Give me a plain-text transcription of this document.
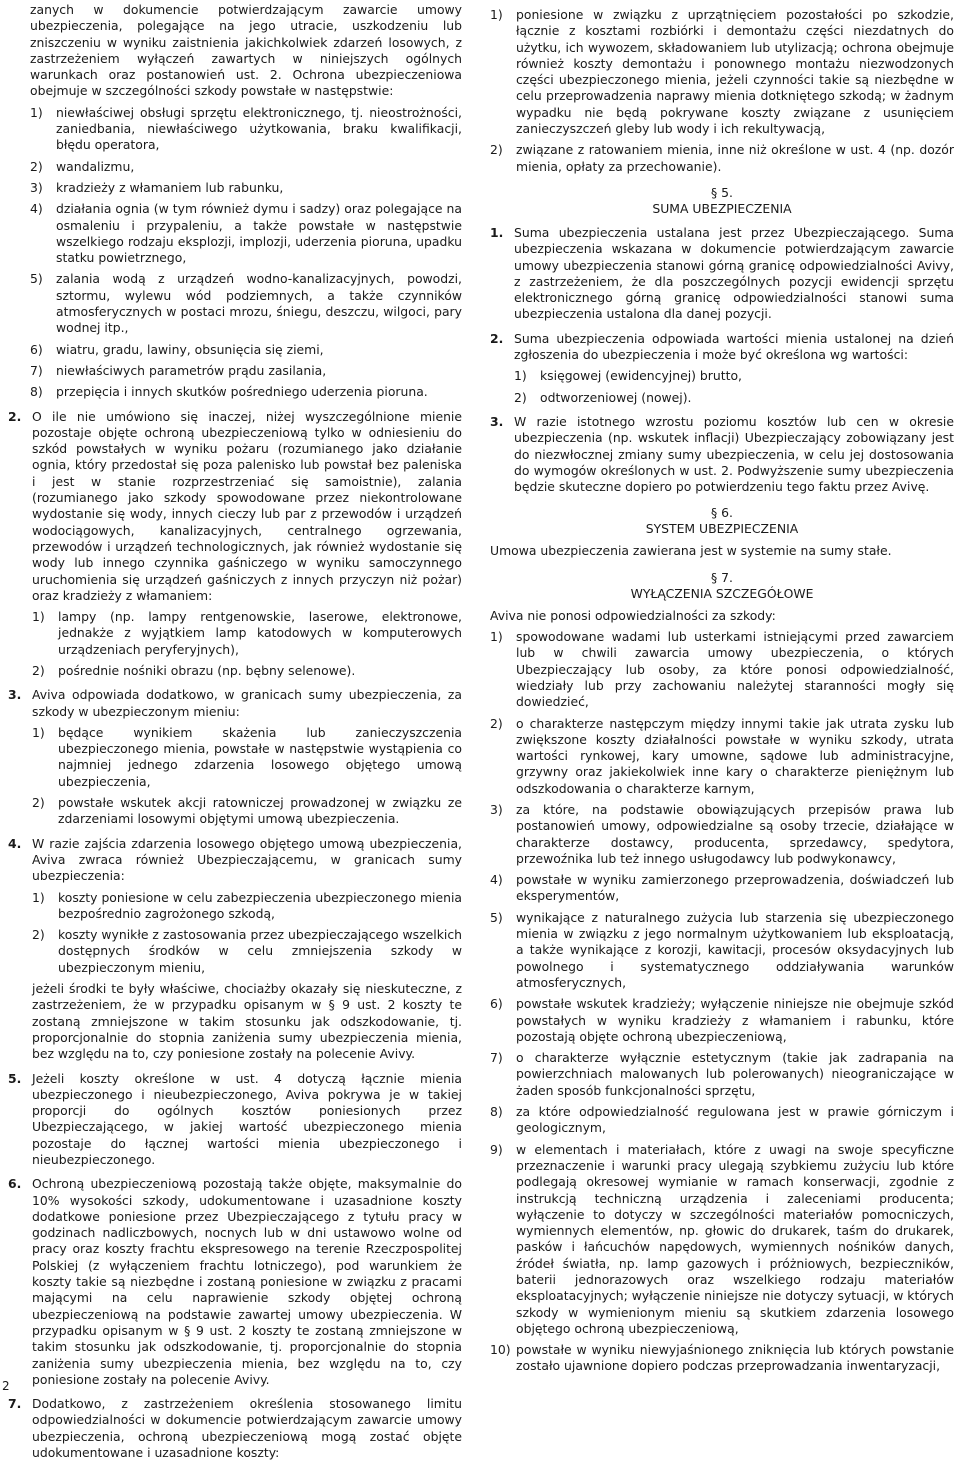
zanych w dokumencie potwierdzającym zawarcie umowy ubezpieczenia, polegające na jego utracie, uszkodzeniu lub zniszczeniu w wyniku zaistnienia jakichkolwiek zdarzeń losowych, z zastrzeżeniem wyłączeń zawartych w niniejszych ogólnych warunkach oraz postanowień ust. 2. Ochrona ubezpieczeniowa obejmuje w szczególności szkody powstałe w następstwie:

1)	niewłaściwej obsługi sprzętu elektronicznego, tj. nieostrożności, zaniedbania, niewłaściwego użytkowania, braku kwalifikacji, błędu operatora,
2)	wandalizmu,
3)	kradzieży z włamaniem lub rabunku,
4)	działania ognia (w tym również dymu i sadzy) oraz polegające na osmaleniu i przypaleniu, a także powstałe w następstwie wszelkiego rodzaju eksplozji, implozji, uderzenia pioruna, upadku statku powietrznego,
5)	zalania wodą z urządzeń wodno-kanalizacyjnych, powodzi, sztormu, wylewu wód podziemnych, a także czynników atmosferycznych w postaci mrozu, śniegu, deszczu, wilgoci, pary wodnej itp.,
6)	wiatru, gradu, lawiny, obsunięcia się ziemi,
7)	niewłaściwych parametrów prądu zasilania,
8)	przepięcia i innych skutków pośredniego uderzenia pioruna.
2. O ile nie umówiono się inaczej, niżej wyszczególnione mienie pozostaje objęte ochroną ubezpieczeniową tylko w odniesieniu do szkód powstałych w wyniku pożaru (rozumianego jako działanie ognia, który przedostał się poza palenisko lub powstał bez paleniska i jest w stanie rozprzestrzeniać się samoistnie), zalania (rozumianego jako szkody spowodowane przez niekontrolowane wydostanie się wody, innych cieczy lub par z przewodów i urządzeń wodociągowych, kanalizacyjnych, centralnego ogrzewania, przewodów i urządzeń technologicznych, jak również wydostanie się wody lub innego czynnika gaśniczego w wyniku samoczynnego uruchomienia się urządzeń gaśniczych z innych przyczyn niż pożar) oraz kradzieży z włamaniem:

1)	lampy (np. lampy rentgenowskie, laserowe, elektronowe, jednakże z wyjątkiem lamp katodowych w komputerowych urządzeniach peryferyjnych),
2)	pośrednie nośniki obrazu (np. bębny selenowe).
3. Aviva odpowiada dodatkowo, w granicach sumy ubezpieczenia, za szkody w ubezpieczonym mieniu:

1)	będące wynikiem skażenia lub zanieczyszczenia ubezpieczonego mienia, powstałe w następstwie wystąpienia co najmniej jednego zdarzenia losowego objętego umową ubezpieczenia,
2)	powstałe wskutek akcji ratowniczej prowadzonej w związku ze zdarzeniami losowymi objętymi umową ubezpieczenia.
4. W razie zajścia zdarzenia losowego objętego umową ubezpieczenia, Aviva zwraca również Ubezpieczającemu, w granicach sumy ubezpieczenia:

1)	koszty poniesione w celu zabezpieczenia ubezpieczonego mienia bezpośrednio zagrożonego szkodą,
2)	koszty wynikłe z zastosowania przez ubezpieczającego wszelkich dostępnych środków w celu zmniejszenia szkody w ubezpieczonym mieniu,

jeżeli środki te były właściwe, chociażby okazały się nieskuteczne, z zastrzeżeniem, że w przypadku opisanym w § 9 ust. 2 koszty te zostaną zmniejszone w takim stosunku jak odszkodowanie, tj. proporcjonalnie do stopnia zaniżenia sumy ubezpieczenia mienia, bez względu na to, czy poniesione zostały na polecenie Avivy.

5. Jeżeli koszty określone w ust. 4 dotyczą łącznie mienia ubezpieczonego i nieubezpieczonego, Aviva pokrywa je w takiej proporcji do ogólnych kosztów poniesionych przez Ubezpieczającego, w jakiej wartość ubezpieczonego mienia pozostaje do łącznej wartości mienia ubezpieczonego i nieubezpieczonego.

6. Ochroną ubezpieczeniową pozostają także objęte, maksymalnie do 10% wysokości szkody, udokumentowane i uzasadnione koszty dodatkowe poniesione przez Ubezpieczającego z tytułu pracy w godzinach nadliczbowych, nocnych lub w dni ustawowo wolne od pracy oraz koszty frachtu ekspresowego na terenie Rzeczpospolitej Polskiej (z wyłączeniem frachtu lotniczego), pod warunkiem że koszty takie są niezbędne i zostaną poniesione w związku z pracami mającymi na celu naprawienie szkody objętej ochroną ubezpieczeniową na podstawie zawartej umowy ubezpieczenia. W przypadku opisanym w § 9 ust. 2 koszty te zostaną zmniejszone w takim stosunku jak odszkodowanie, tj. proporcjonalnie do stopnia zaniżenia sumy ubezpieczenia mienia, bez względu na to, czy poniesione zostały na polecenie Avivy.

7. Dodatkowo, z zastrzeżeniem określenia stosowanego limitu odpowiedzialności w dokumencie potwierdzającym zawarcie umowy ubezpieczenia, ochroną ubezpieczeniową mogą zostać objęte udokumentowane i uzasadnione koszty:

1)	poniesione w związku z uprzątnięciem pozostałości po szkodzie, łącznie z kosztami rozbiórki i demontażu części niezdatnych do użytku, ich wywozem, składowaniem lub utylizacją; ochrona obejmuje również koszty demontażu i ponownego montażu niezwodzonych części ubezpieczonego mienia, jeżeli czynności takie są niezbędne w celu przeprowadzenia naprawy mienia dotkniętego szkodą; w żadnym wypadku nie będą pokrywane koszty związane z usunięciem zanieczyszczeń gleby lub wody i ich rekultywacją,
2)	związane z ratowaniem mienia, inne niż określone w ust. 4 (np. dozór mienia, opłaty za przechowanie).
§ 5.
SUMA UBEZPIECZENIA
1. Suma ubezpieczenia ustalana jest przez Ubezpieczającego. Suma ubezpieczenia wskazana w dokumencie potwierdzającym zawarcie umowy ubezpieczenia stanowi górną granicę odpowiedzialności Avivy, z zastrzeżeniem, że dla poszczególnych pozycji ewidencji sprzętu elektronicznego górną granicę odpowiedzialności stanowi suma ubezpieczenia ustalona dla danej pozycji.

2. Suma ubezpieczenia odpowiada wartości mienia ustalonej na dzień zgłoszenia do ubezpieczenia i może być określona wg wartości:

1)	księgowej (ewidencyjnej) brutto,
2)	odtworzeniowej (nowej).
3. W razie istotnego wzrostu poziomu kosztów lub cen w okresie ubezpieczenia (np. wskutek inflacji) Ubezpieczający zobowiązany jest do niezwłocznej zmiany sumy ubezpieczenia, w celu jej dostosowania do wymogów określonych w ust. 2. Podwyższenie sumy ubezpieczenia będzie skuteczne dopiero po potwierdzeniu tego faktu przez Avivę.

§ 6.
SYSTEM UBEZPIECZENIA

Umowa ubezpieczenia zawierana jest w systemie na sumy stałe.

§ 7.
WYŁĄCZENIA SZCZEGÓŁOWE

Aviva nie ponosi odpowiedzialności za szkody:

1)	spowodowane wadami lub usterkami istniejącymi przed zawarciem lub w chwili zawarcia umowy ubezpieczenia, o których Ubezpieczający lub osoby, za które ponosi odpowiedzialność, wiedziały lub przy zachowaniu należytej staranności mogły się dowiedzieć,
2)	o charakterze następczym między innymi takie jak utrata zysku lub zwiększone koszty działalności powstałe w wyniku szkody, utrata wartości rynkowej, kary umowne, sądowe lub administracyjne, grzywny oraz jakiekolwiek inne kary o charakterze pieniężnym lub odszkodowania o charakterze karnym,
3)	za które, na podstawie obowiązujących przepisów prawa lub postanowień umowy, odpowiedzialne są osoby trzecie, działające w charakterze dostawcy, producenta, sprzedawcy, spedytora, przewoźnika lub też innego usługodawcy lub podwykonawcy,
4)	powstałe w wyniku zamierzonego przeprowadzenia, doświadczeń lub eksperymentów,
5)	wynikające z naturalnego zużycia lub starzenia się ubezpieczonego mienia w związku z jego normalnym użytkowaniem lub eksploatacją, a także wynikające z korozji, kawitacji, procesów oksydacyjnych lub powolnego i systematycznego oddziaływania warunków atmosferycznych,
6)	powstałe wskutek kradzieży; wyłączenie niniejsze nie obejmuje szkód powstałych w wyniku kradzieży z włamaniem i rabunku, które pozostają objęte ochroną ubezpieczeniową,
7)	o charakterze wyłącznie estetycznym (takie jak zadrapania na powierzchniach malowanych lub polerowanych) nieograniczające w żaden sposób funkcjonalności sprzętu,
8)	za które odpowiedzialność regulowana jest w prawie górniczym i geologicznym,
9)	w elementach i materiałach, które z uwagi na swoje specyficzne przeznaczenie i warunki pracy ulegają szybkiemu zużyciu lub które podlegają okresowej wymianie w ramach konserwacji, zgodnie z instrukcją techniczną urządzenia i zaleceniami producenta; wyłączenie to dotyczy w szczególności materiałów pomocniczych, wymiennych elementów, np. głowic do drukarek, taśm do drukarek, pasków i łańcuchów napędowych, wymiennych nośników danych, źródeł światła, np. lamp gazowych i próżniowych, bezpieczników, baterii jednorazowych oraz wszelkiego rodzaju materiałów eksploatacyjnych; wyłączenie niniejsze nie dotyczy sytuacji, w których szkody w wymienionym mieniu są skutkiem zdarzenia losowego objętego ochroną ubezpieczeniową,
10) powstałe w wyniku niewyjaśnionego zniknięcia lub których powstanie zostało ujawnione dopiero podczas przeprowadzania inwentaryzacji,
2
